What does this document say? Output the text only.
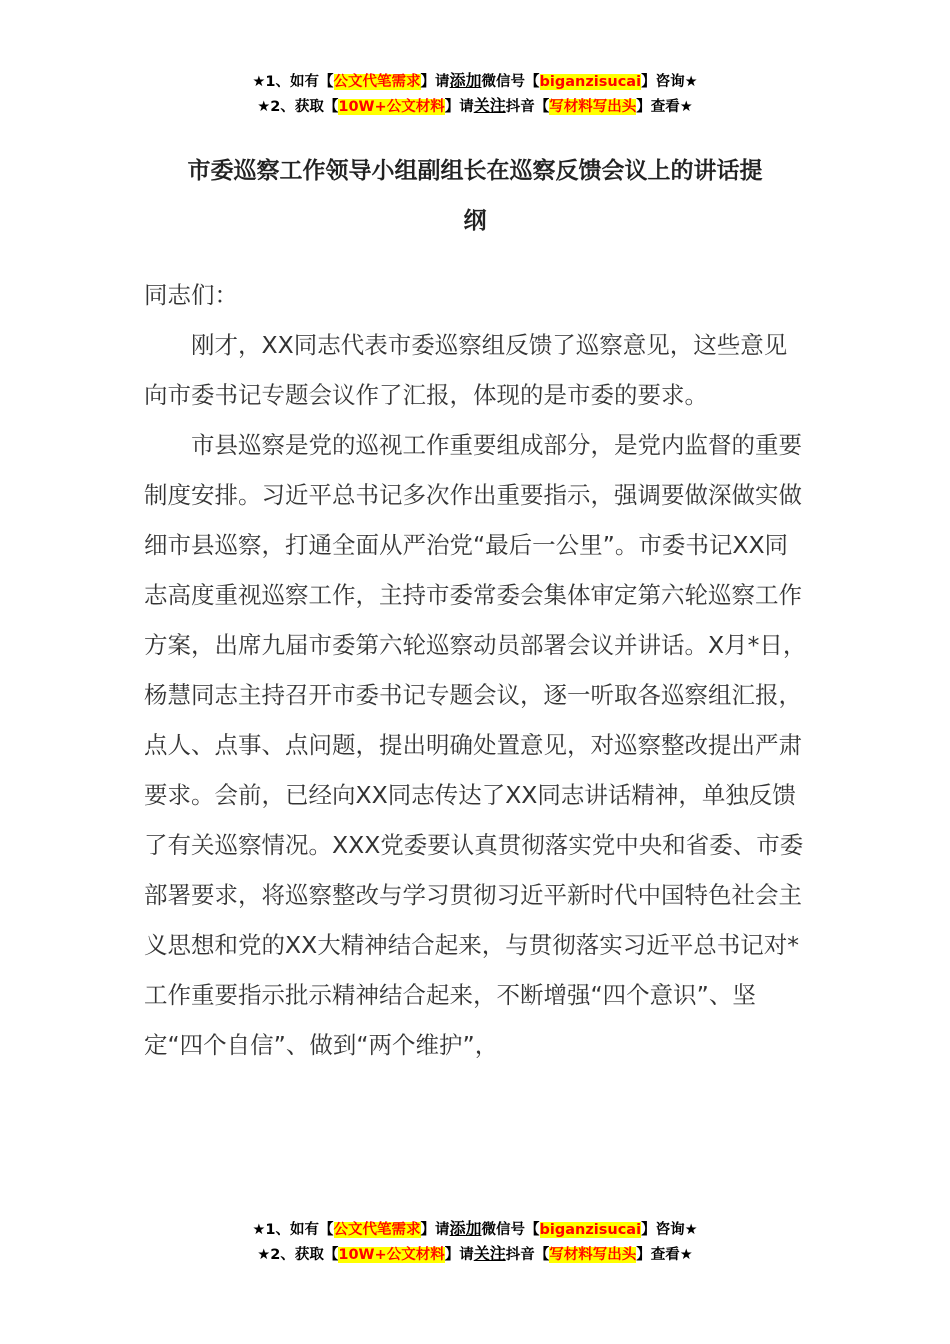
★1、如有【公文代笔需求】请添加微信号【biganzisucai】咨询★
★2、获取【10W+公文材料】请关注抖音【写材料写出头】查看★
市委巡察工作领导小组副组长在巡察反馈会议上的讲话提
纲

同志们：

刚才，XX同志代表市委巡察组反馈了巡察意见，这些意见向市委书记专题会议作了汇报，体现的是市委的要求。

市县巡察是党的巡视工作重要组成部分，是党内监督的重要制度安排。习近平总书记多次作出重要指示，强调要做深做实做细市县巡察，打通全面从严治党“最后一公里”。市委书记XX同志高度重视巡察工作，主持市委常委会集体审定第六轮巡察工作方案，出席九届市委第六轮巡察动员部署会议并讲话。X月*日，杨慧同志主持召开市委书记专题会议，逐一听取各巡察组汇报，点人、点事、点问题，提出明确处置意见，对巡察整改提出严肃要求。会前，已经向XX同志传达了XX同志讲话精神，单独反馈了有关巡察情况。XXX党委要认真贯彻落实党中央和省委、市委部署要求，将巡察整改与学习贯彻习近平新时代中国特色社会主义思想和党的XX大精神结合起来，与贯彻落实习近平总书记对*工作重要指示批示精神结合起来，不断增强“四个意识”、坚定“四个自信”、做到“两个维护”，

★1、如有【公文代笔需求】请添加微信号【biganzisucai】咨询★
★2、获取【10W+公文材料】请关注抖音【写材料写出头】查看★
